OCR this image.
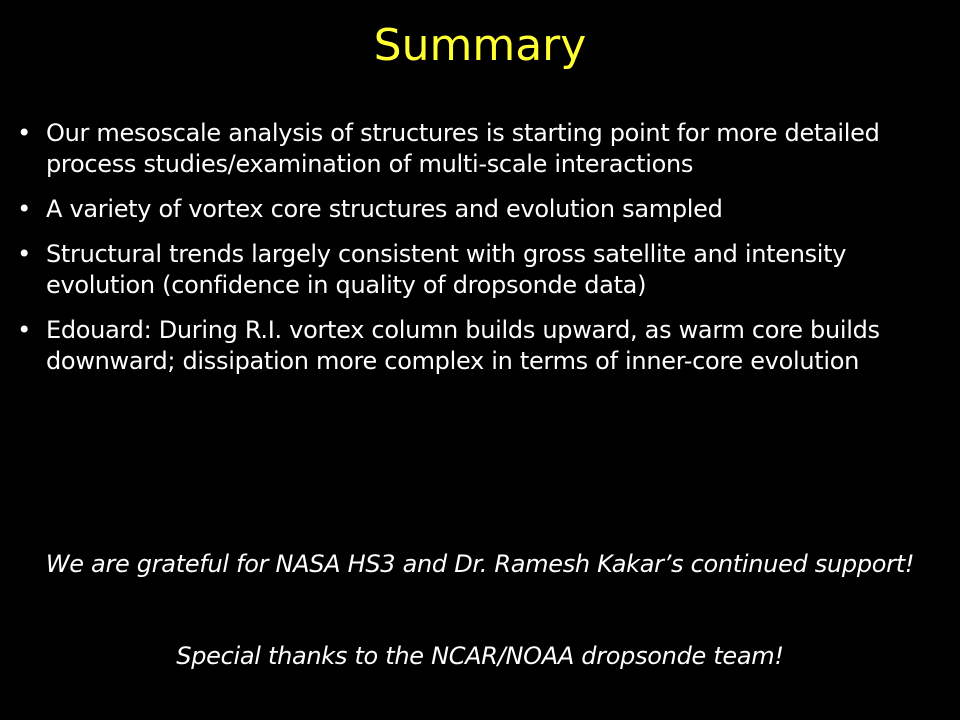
Summary
• Our mesoscale analysis of structures is starting point for more detailed process studies/examination of multi-scale interactions
• A variety of vortex core structures and evolution sampled
• Structural trends largely consistent with gross satellite and intensity evolution (confidence in quality of dropsonde data)
• Edouard: During R.I. vortex column builds upward, as warm core builds downward; dissipation more complex in terms of inner-core evolution

We are grateful for NASA HS3 and Dr. Ramesh Kakar’s continued support!

Special thanks to the NCAR/NOAA dropsonde team!
